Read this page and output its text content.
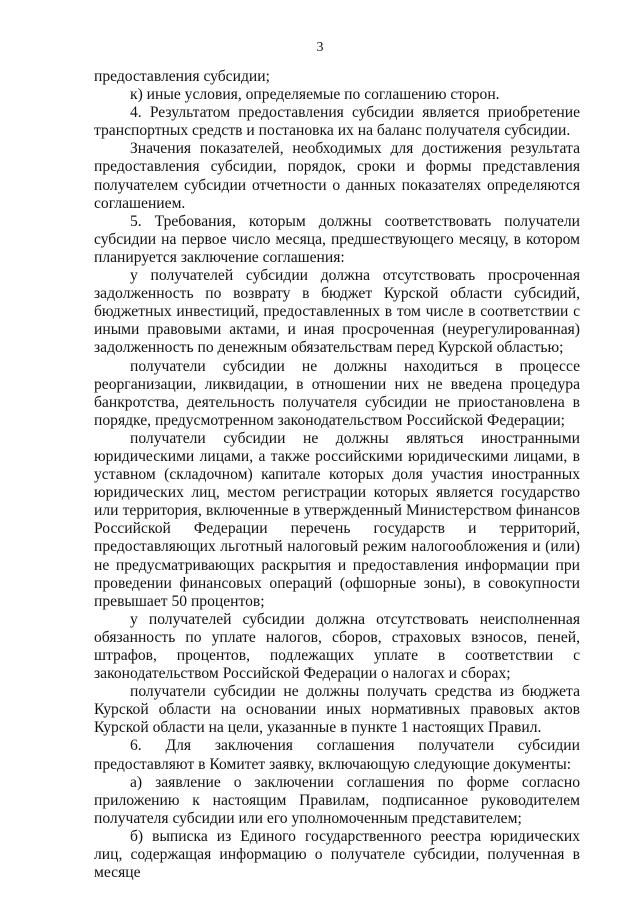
3

предоставления субсидии;

к) иные условия, определяемые по соглашению сторон.

4. Результатом предоставления субсидии является приобретение транспортных средств и постановка их на баланс получателя субсидии.

Значения показателей, необходимых для достижения результата предоставления субсидии, порядок, сроки и формы представления получателем субсидии отчетности о данных показателях определяются соглашением.

5. Требования, которым должны соответствовать получатели субсидии на первое число месяца, предшествующего месяцу, в котором планируется заключение соглашения:

у получателей субсидии должна отсутствовать просроченная задолженность по возврату в бюджет Курской области субсидий, бюджетных инвестиций, предоставленных в том числе в соответствии с иными правовыми актами, и иная просроченная (неурегулированная) задолженность по денежным обязательствам перед Курской областью;

получатели субсидии не должны находиться в процессе реорганизации, ликвидации, в отношении них не введена процедура банкротства, деятельность получателя субсидии не приостановлена в порядке, предусмотренном законодательством Российской Федерации;

получатели субсидии не должны являться иностранными юридическими лицами, а также российскими юридическими лицами, в уставном (складочном) капитале которых доля участия иностранных юридических лиц, местом регистрации которых является государство или территория, включенные в утвержденный Министерством финансов Российской Федерации перечень государств и территорий, предоставляющих льготный налоговый режим налогообложения и (или) не предусматривающих раскрытия и предоставления информации при проведении финансовых операций (офшорные зоны), в совокупности превышает 50 процентов;

у получателей субсидии должна отсутствовать неисполненная обязанность по уплате налогов, сборов, страховых взносов, пеней, штрафов, процентов, подлежащих уплате в соответствии с законодательством Российской Федерации о налогах и сборах;

получатели субсидии не должны получать средства из бюджета Курской области на основании иных нормативных правовых актов Курской области на цели, указанные в пункте 1 настоящих Правил.

6. Для заключения соглашения получатели субсидии предоставляют в Комитет заявку, включающую следующие документы:

а) заявление о заключении соглашения по форме согласно приложению к настоящим Правилам, подписанное руководителем получателя субсидии или его уполномоченным представителем;

б) выписка из Единого государственного реестра юридических лиц, содержащая информацию о получателе субсидии, полученная в месяце
